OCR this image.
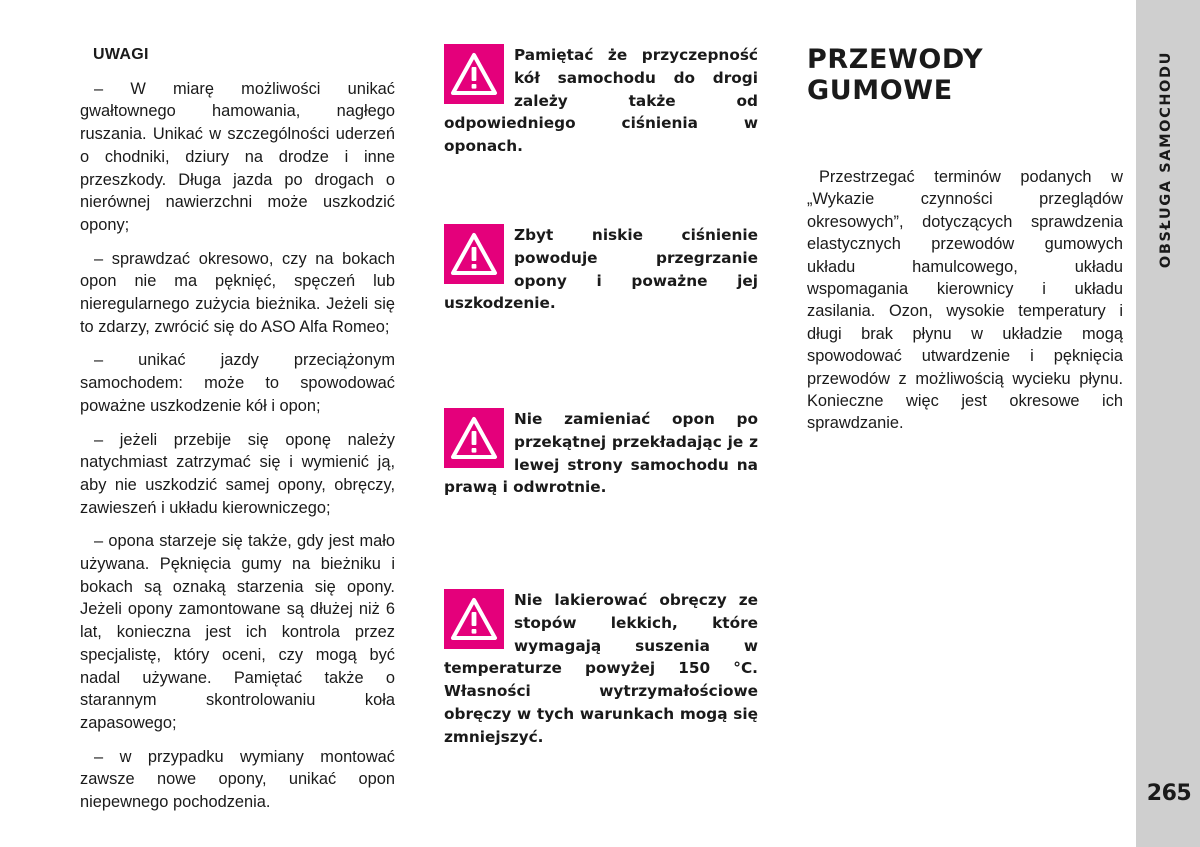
UWAGI

– W miarę możliwości unikać gwałtownego hamowania, nagłego ruszania. Unikać w szczególności uderzeń o chodniki, dziury na drodze i inne przeszkody. Długa jazda po drogach o nierównej nawierzchni może uszkodzić opony;

– sprawdzać okresowo, czy na bokach opon nie ma pęknięć, spęczeń lub nieregularnego zużycia bieżnika. Jeżeli się to zdarzy, zwrócić się do ASO Alfa Romeo;

– unikać jazdy przeciążonym samochodem: może to spowodować poważne uszkodzenie kół i opon;

– jeżeli przebije się oponę należy natychmiast zatrzymać się i wymienić ją, aby nie uszkodzić samej opony, obręczy, zawieszeń i układu kierowniczego;

– opona starzeje się także, gdy jest mało używana. Pęknięcia gumy na bieżniku i bokach są oznaką starzenia się opony. Jeżeli opony zamontowane są dłużej niż 6 lat, konieczna jest ich kontrola przez specjalistę, który oceni, czy mogą być nadal używane. Pamiętać także o starannym skontrolowaniu koła zapasowego;

– w przypadku wymiany montować zawsze nowe opony, unikać opon niepewnego pochodzenia.

Pamiętać że przyczepność kół samochodu do drogi zależy także od odpowiedniego ciśnienia w oponach.
Zbyt niskie ciśnienie powoduje przegrzanie opony i poważne jej uszkodzenie.
Nie zamieniać opon po przekątnej przekładając je z lewej strony samochodu na prawą i odwrotnie.
Nie lakierować obręczy ze stopów lekkich, które wymagają suszenia w temperaturze powyżej 150 °C. Własności wytrzymałościowe obręczy w tych warunkach mogą się zmniejszyć.
PRZEWODY
GUMOWE

Przestrzegać terminów podanych w „Wykazie czynności przeglądów okresowych”, dotyczących sprawdzenia elastycznych przewodów gumowych układu hamulcowego, układu wspomagania kierownicy i układu zasilania. Ozon, wysokie temperatury i długi brak płynu w układzie mogą spowodować utwardzenie i pęknięcia przewodów z możliwością wycieku płynu. Konieczne więc jest okresowe ich sprawdzanie.

OBSŁUGA SAMOCHODU
265
